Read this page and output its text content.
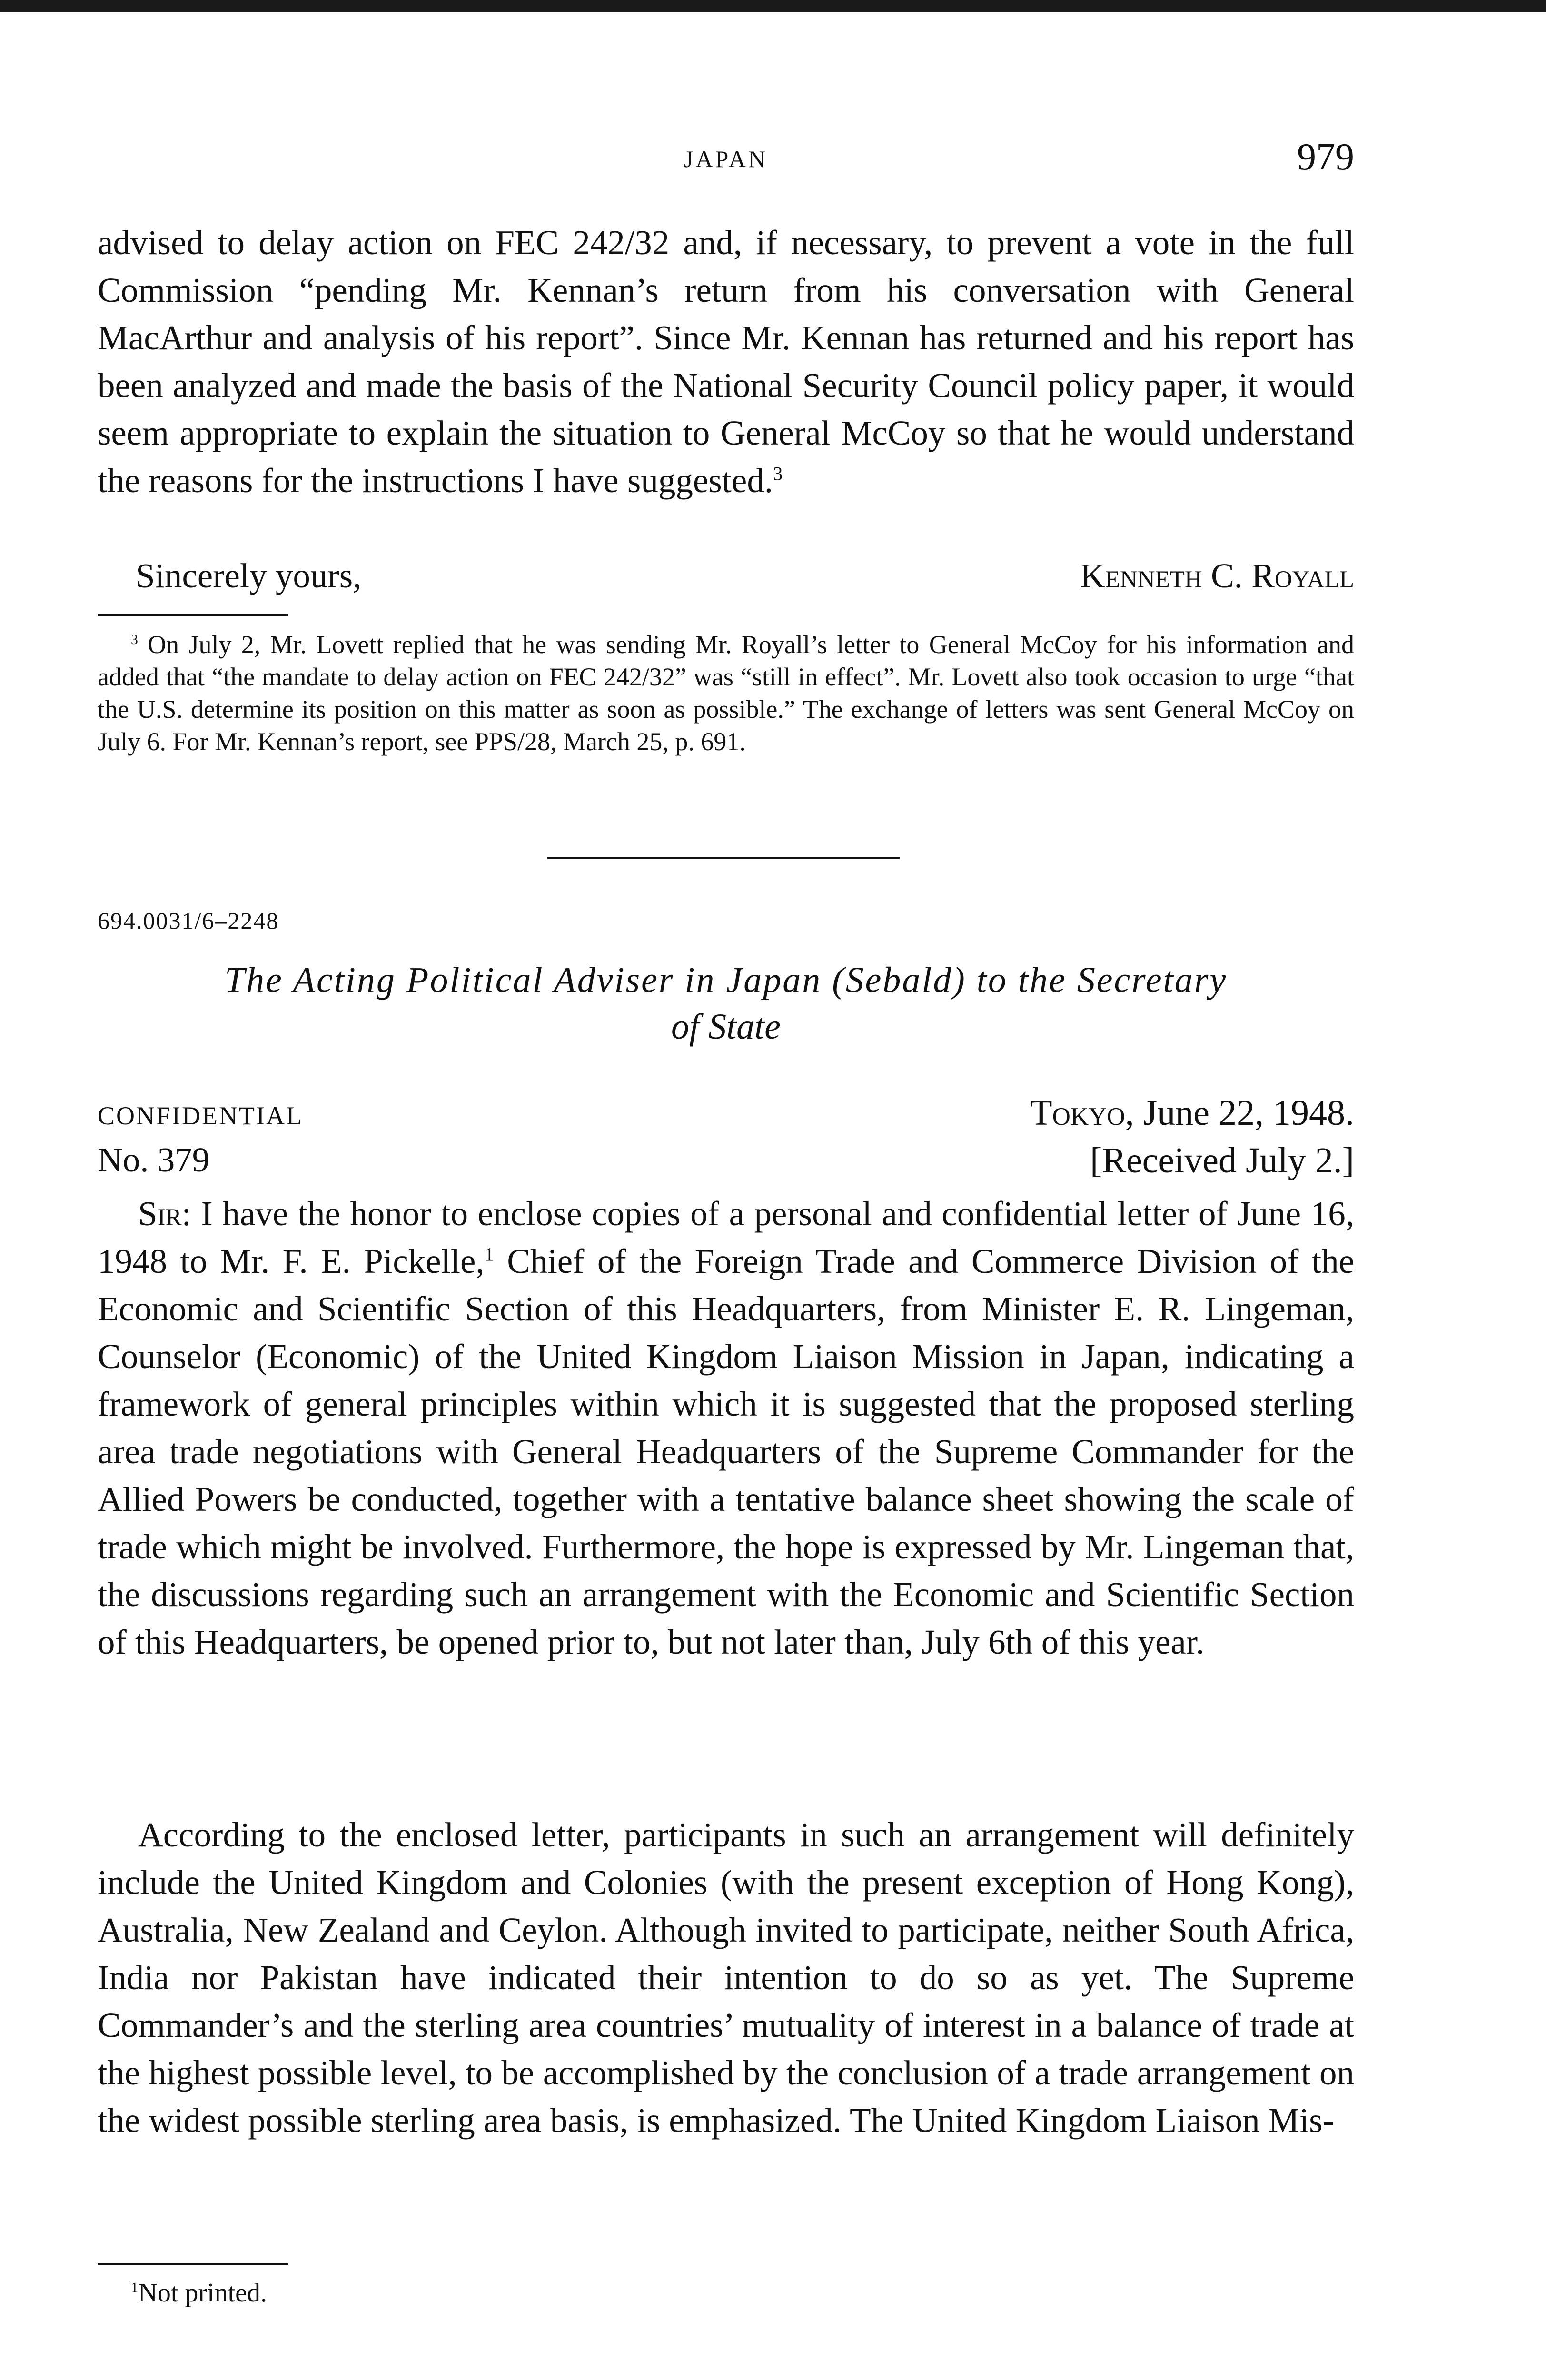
JAPAN	979

advised to delay action on FEC 242/32 and, if necessary, to prevent a vote in the full Commission “pending Mr. Kennan’s return from his conversation with General MacArthur and analysis of his report”. Since Mr. Kennan has returned and his report has been analyzed and made the basis of the National Security Council policy paper, it would seem appropriate to explain the situation to General McCoy so that he would understand the reasons for the instructions I have suggested.$^3$

Sincerely yours,	Kenneth C. Royall

$^3$ On July 2, Mr. Lovett replied that he was sending Mr. Royall’s letter to General McCoy for his information and added that “the mandate to delay action on FEC 242/32” was “still in effect”. Mr. Lovett also took occasion to urge “that the U.S. determine its position on this matter as soon as possible.” The exchange of letters was sent General McCoy on July 6. For Mr. Kennan’s report, see PPS/28, March 25, p. 691.

694.0031/6–2248

The Acting Political Adviser in Japan (Sebald) to the Secretary
of State

CONFIDENTIAL
No. 379
Tokyo, June 22, 1948.
[Received July 2.]

Sir: I have the honor to enclose copies of a personal and confidential letter of June 16, 1948 to Mr. F. E. Pickelle,$^1$ Chief of the Foreign Trade and Commerce Division of the Economic and Scientific Section of this Headquarters, from Minister E. R. Lingeman, Counselor (Economic) of the United Kingdom Liaison Mission in Japan, indicating a framework of general principles within which it is suggested that the proposed sterling area trade negotiations with General Headquarters of the Supreme Commander for the Allied Powers be conducted, together with a tentative balance sheet showing the scale of trade which might be involved. Furthermore, the hope is expressed by Mr. Lingeman that, the discussions regarding such an arrangement with the Economic and Scientific Section of this Headquarters, be opened prior to, but not later than, July 6th of this year.

According to the enclosed letter, participants in such an arrangement will definitely include the United Kingdom and Colonies (with the present exception of Hong Kong), Australia, New Zealand and Ceylon. Although invited to participate, neither South Africa, India nor Pakistan have indicated their intention to do so as yet. The Supreme Commander’s and the sterling area countries’ mutuality of interest in a balance of trade at the highest possible level, to be accomplished by the conclusion of a trade arrangement on the widest possible sterling area basis, is emphasized. The United Kingdom Liaison Mis-

$^1$Not printed.
